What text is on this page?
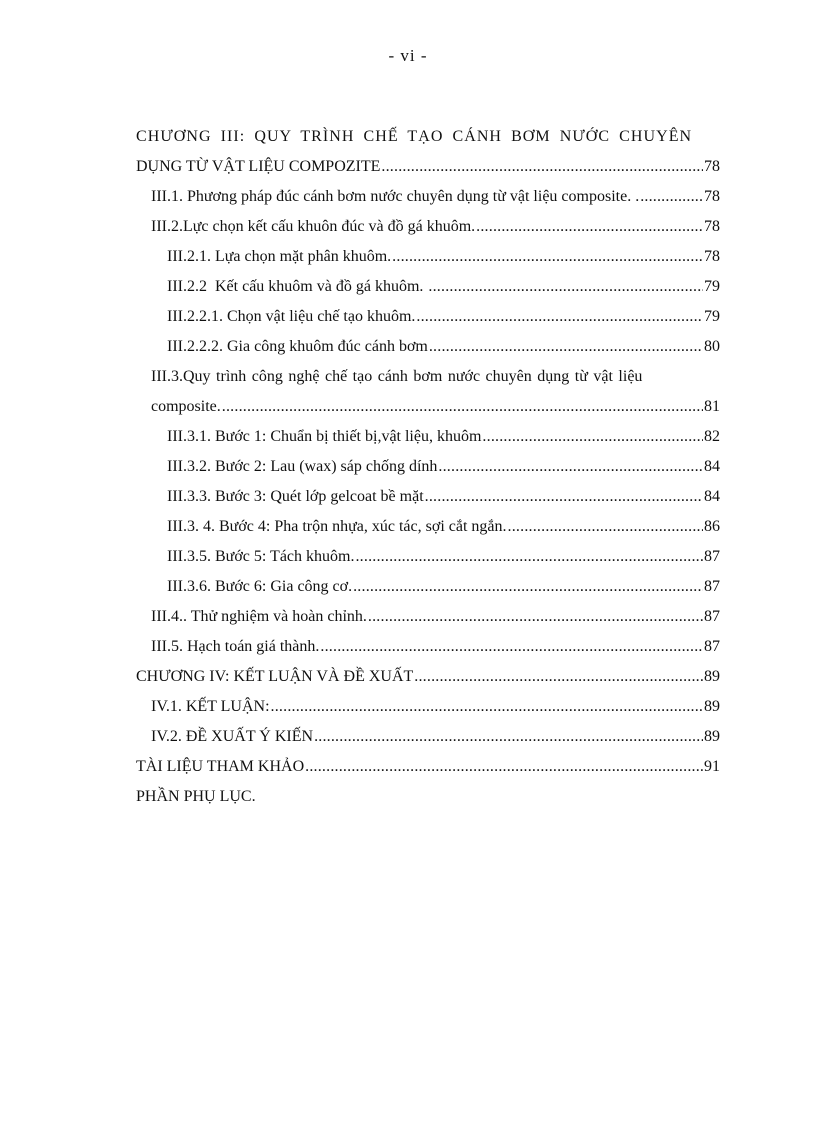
- vi -
CHƯƠNG III: QUY TRÌNH CHẾ TẠO CÁNH BƠM NƯỚC CHUYÊN
DỤNG TỪ VẬT LIỆU COMPOZITE .....	78
III.1. Phương pháp đúc cánh bơm nước chuyên dụng từ vật liệu composite. . .....	78
III.2.Lực chọn kết cấu khuôn đúc và đồ gá khuôm. .....	78
III.2.1. Lựa chọn mặt phân khuôm. .....	78
III.2.2  Kết cấu khuôm và đồ gá khuôm. .....	79
III.2.2.1. Chọn vật liệu chế tạo khuôm. .....	79
III.2.2.2. Gia công khuôm đúc cánh bơm .....	80
III.3.Quy trình công nghệ chế tạo cánh bơm nước chuyên dụng từ vật liệu
composite. .....	81
III.3.1. Bước 1: Chuẩn bị thiết bị,vật liệu, khuôm .....	82
III.3.2. Bước 2: Lau (wax) sáp chống dính .....	84
III.3.3. Bước 3: Quét lớp gelcoat bề mặt .....	84
III.3. 4. Bước 4: Pha trộn nhựa, xúc tác, sợi cắt ngắn. .....	86
III.3.5. Bước 5: Tách khuôm. .....	87
III.3.6. Bước 6: Gia công cơ. .....	87
III.4.. Thử nghiệm và hoàn chỉnh. .....	87
III.5. Hạch toán giá thành. .....	87
CHƯƠNG IV: KẾT LUẬN VÀ ĐỀ XUẤT .....	89
IV.1. KẾT LUẬN: .....	89
IV.2. ĐỀ XUẤT Ý KIẾN .....	89
TÀI LIỆU THAM KHẢO .....	91
PHẦN PHỤ LỤC.
